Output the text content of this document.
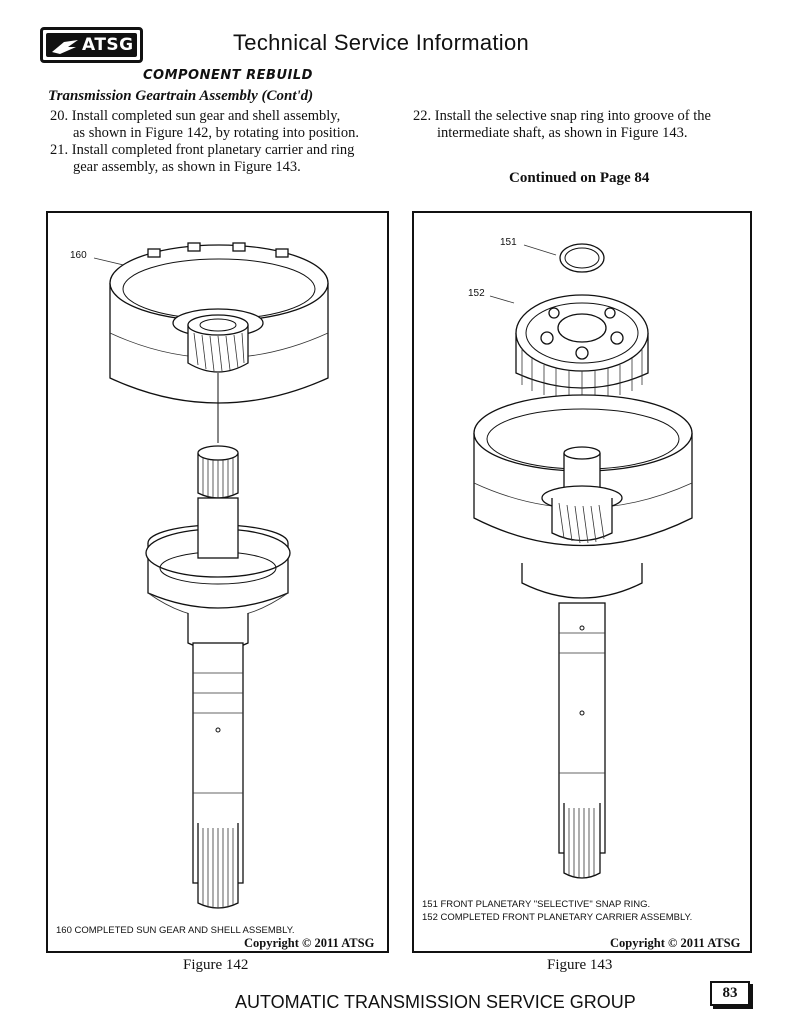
ATSG	Technical Service Information
COMPONENT REBUILD
Transmission Geartrain Assembly (Cont'd)
20. Install completed sun gear and shell assembly,
as shown in Figure 142, by rotating into position.
21. Install completed front planetary carrier and ring
gear assembly, as shown in Figure 143.
22. Install the selective snap ring into groove of the
intermediate shaft, as shown in Figure 143.
Continued on Page 84
160
160 COMPLETED SUN GEAR AND SHELL ASSEMBLY.
Copyright © 2011 ATSG
Figure 142
151
152
151 FRONT PLANETARY "SELECTIVE" SNAP RING.
152 COMPLETED FRONT PLANETARY CARRIER ASSEMBLY.
Copyright © 2011 ATSG
Figure 143
AUTOMATIC TRANSMISSION SERVICE GROUP	83
